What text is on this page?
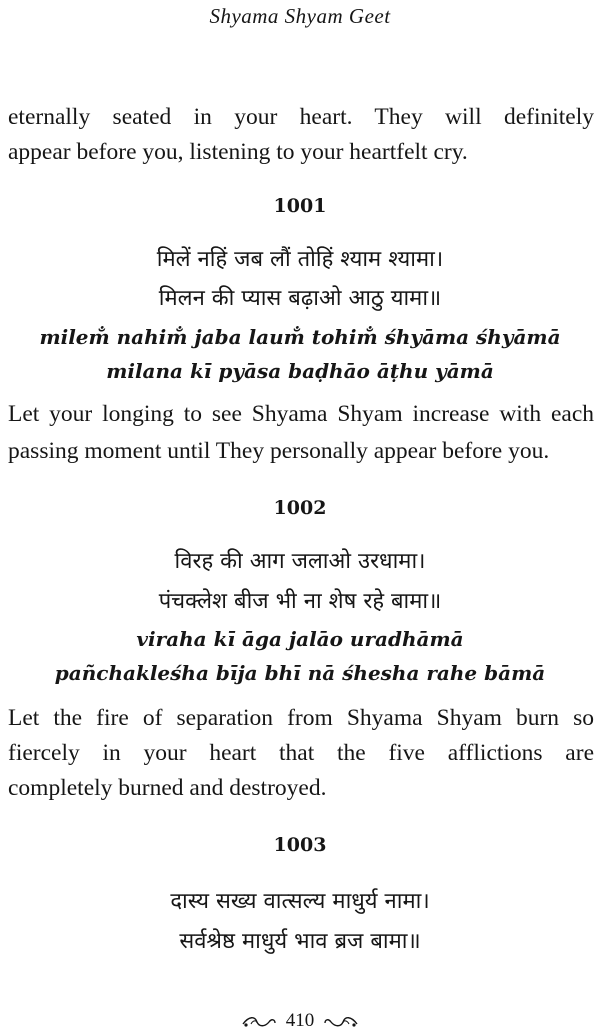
Shyama Shyam Geet
eternally seated in your heart. They will definitely
appear before you, listening to your heartfelt cry.
1001
मिलें नहिं जब लौं तोहिं श्याम श्यामा।
मिलन की प्यास बढ़ाओ आठु यामा॥
milem̐ nahim̐ jaba laum̐ tohim̐ śhyāma śhyāmā
milana kī pyāsa baḍhāo āṭhu yāmā
Let your longing to see Shyama Shyam increase with each
passing moment until They personally appear before you.
1002
विरह की आग जलाओ उरधामा।
पंचक्लेश बीज भी ना शेष रहे बामा॥
viraha kī āga jalāo uradhāmā
pañchakleśha bīja bhī nā śhesha rahe bāmā
Let the fire of separation from Shyama Shyam burn so
fiercely in your heart that the five afflictions are
completely burned and destroyed.
1003
दास्य सख्य वात्सल्य माधुर्य नामा।
सर्वश्रेष्ठ माधुर्य भाव ब्रज बामा॥
410
